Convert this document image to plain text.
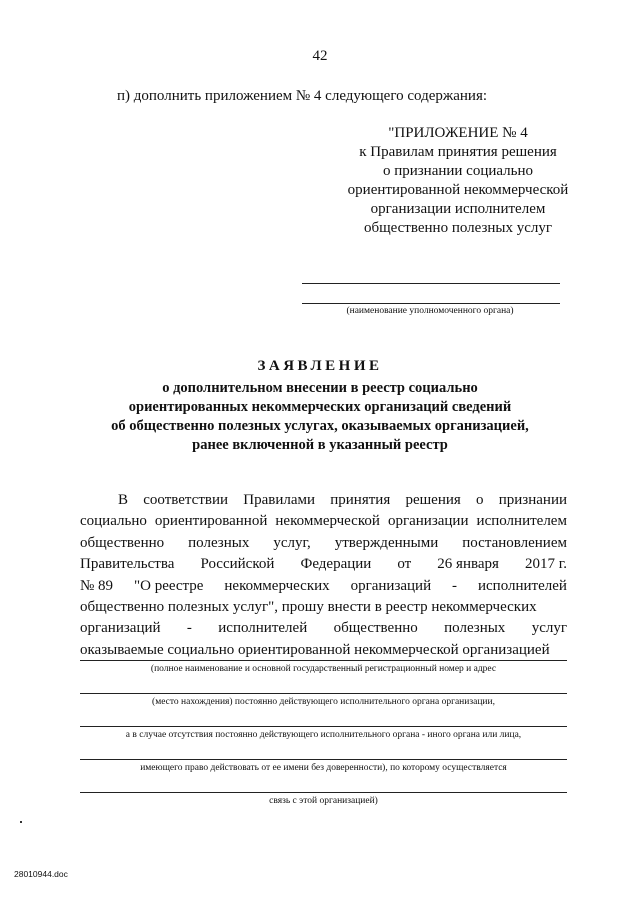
42
п) дополнить приложением № 4 следующего содержания:
"ПРИЛОЖЕНИЕ № 4
к Правилам принятия решения
о признании социально
ориентированной некоммерческой
организации исполнителем
общественно полезных услуг
(наименование уполномоченного органа)
ЗАЯВЛЕНИЕ
о дополнительном внесении в реестр социально
ориентированных некоммерческих организаций сведений
об общественно полезных услугах, оказываемых организацией,
ранее включенной в указанный реестр
В соответствии Правилами принятия решения о признании
социально ориентированной некоммерческой организации исполнителем
общественно полезных услуг, утвержденными постановлением
Правительства Российской Федерации от 26 января 2017 г.
№ 89 "О реестре некоммерческих организаций - исполнителей
общественно полезных услуг", прошу внести в реестр некоммерческих
организаций - исполнителей общественно полезных услуг
оказываемые социально ориентированной некоммерческой организацией
(полное наименование и основной государственный регистрационный номер и адрес
(место нахождения) постоянно действующего исполнительного органа организации,
а в случае отсутствия постоянно действующего исполнительного органа - иного органа или лица,
имеющего право действовать от ее имени без доверенности), по которому осуществляется
связь с этой организацией)
28010944.doc
